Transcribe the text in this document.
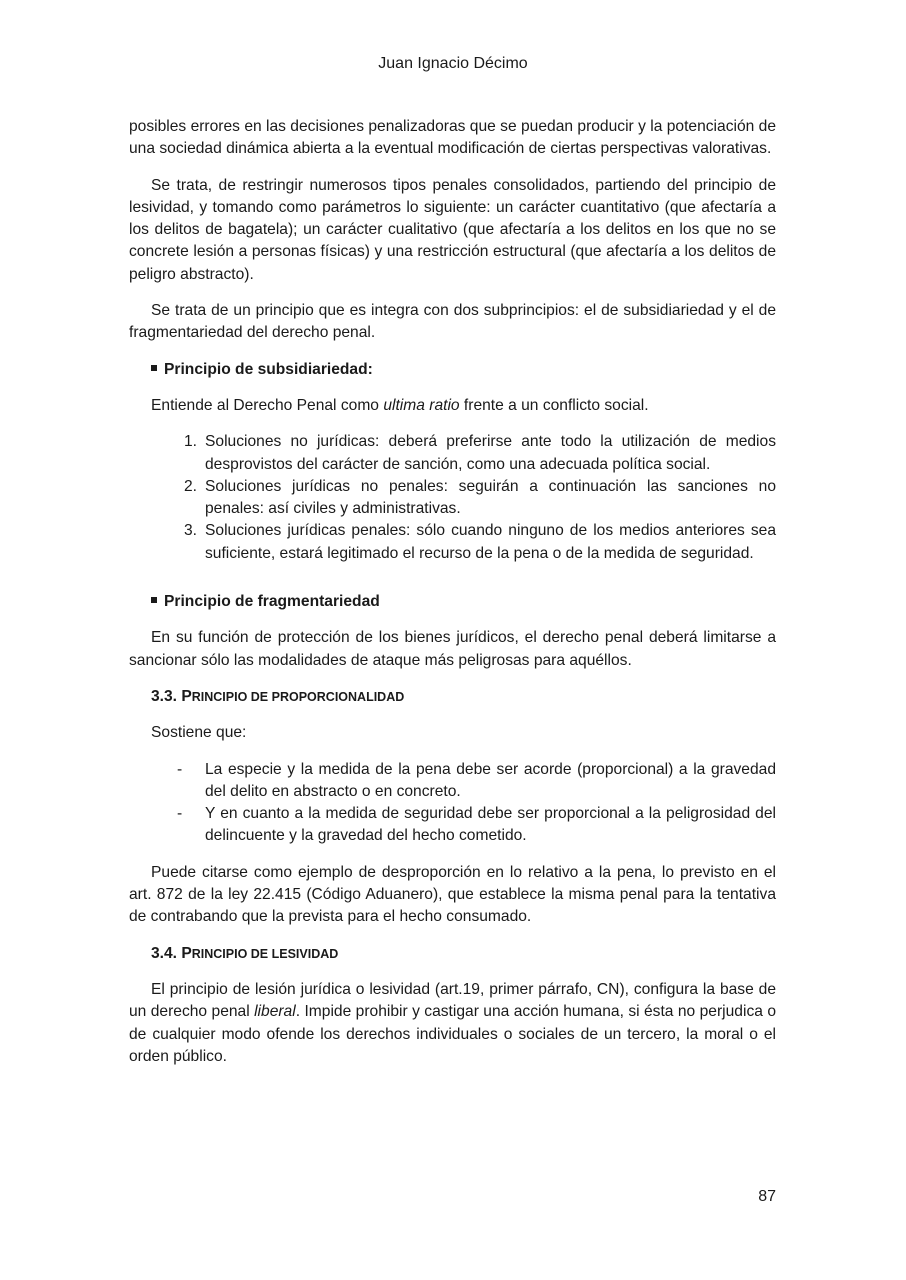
Juan Ignacio Décimo

posibles errores en las decisiones penalizadoras que se puedan producir y la potenciación de una sociedad dinámica abierta a la eventual modificación de ciertas perspectivas valorativas.

Se trata, de restringir numerosos tipos penales consolidados, partiendo del principio de lesividad, y tomando como parámetros lo siguiente: un carácter cuantitativo (que afectaría a los delitos de bagatela); un carácter cualitativo (que afectaría a los delitos en los que no se concrete lesión a personas físicas) y una restricción estructural (que afectaría a los delitos de peligro abstracto).

Se trata de un principio que es integra con dos subprincipios: el de subsidiariedad y el de fragmentariedad del derecho penal.

Principio de subsidiariedad:

Entiende al Derecho Penal como ultima ratio frente a un conflicto social.

1. Soluciones no jurídicas: deberá preferirse ante todo la utilización de medios desprovistos del carácter de sanción, como una adecuada política social.
2. Soluciones jurídicas no penales: seguirán a continuación las sanciones no penales: así civiles y administrativas.
3. Soluciones jurídicas penales: sólo cuando ninguno de los medios anteriores sea suficiente, estará legitimado el recurso de la pena o de la medida de seguridad.
Principio de fragmentariedad

En su función de protección de los bienes jurídicos, el derecho penal deberá limitarse a sancionar sólo las modalidades de ataque más peligrosas para aquéllos.

3.3. PRINCIPIO DE PROPORCIONALIDAD

Sostiene que:

-	La especie y la medida de la pena debe ser acorde (proporcional) a la gravedad del delito en abstracto o en concreto.
-	Y en cuanto a la medida de seguridad debe ser proporcional a la peligrosidad del delincuente y la gravedad del hecho cometido.

Puede citarse como ejemplo de desproporción en lo relativo a la pena, lo previsto en el art. 872 de la ley 22.415 (Código Aduanero), que establece la misma penal para la tentativa de contrabando que la prevista para el hecho consumado.

3.4. PRINCIPIO DE LESIVIDAD

El principio de lesión jurídica o lesividad (art.19, primer párrafo, CN), configura la base de un derecho penal liberal. Impide prohibir y castigar una acción humana, si ésta no perjudica o de cualquier modo ofende los derechos individuales o sociales de un tercero, la moral o el orden público.

87
